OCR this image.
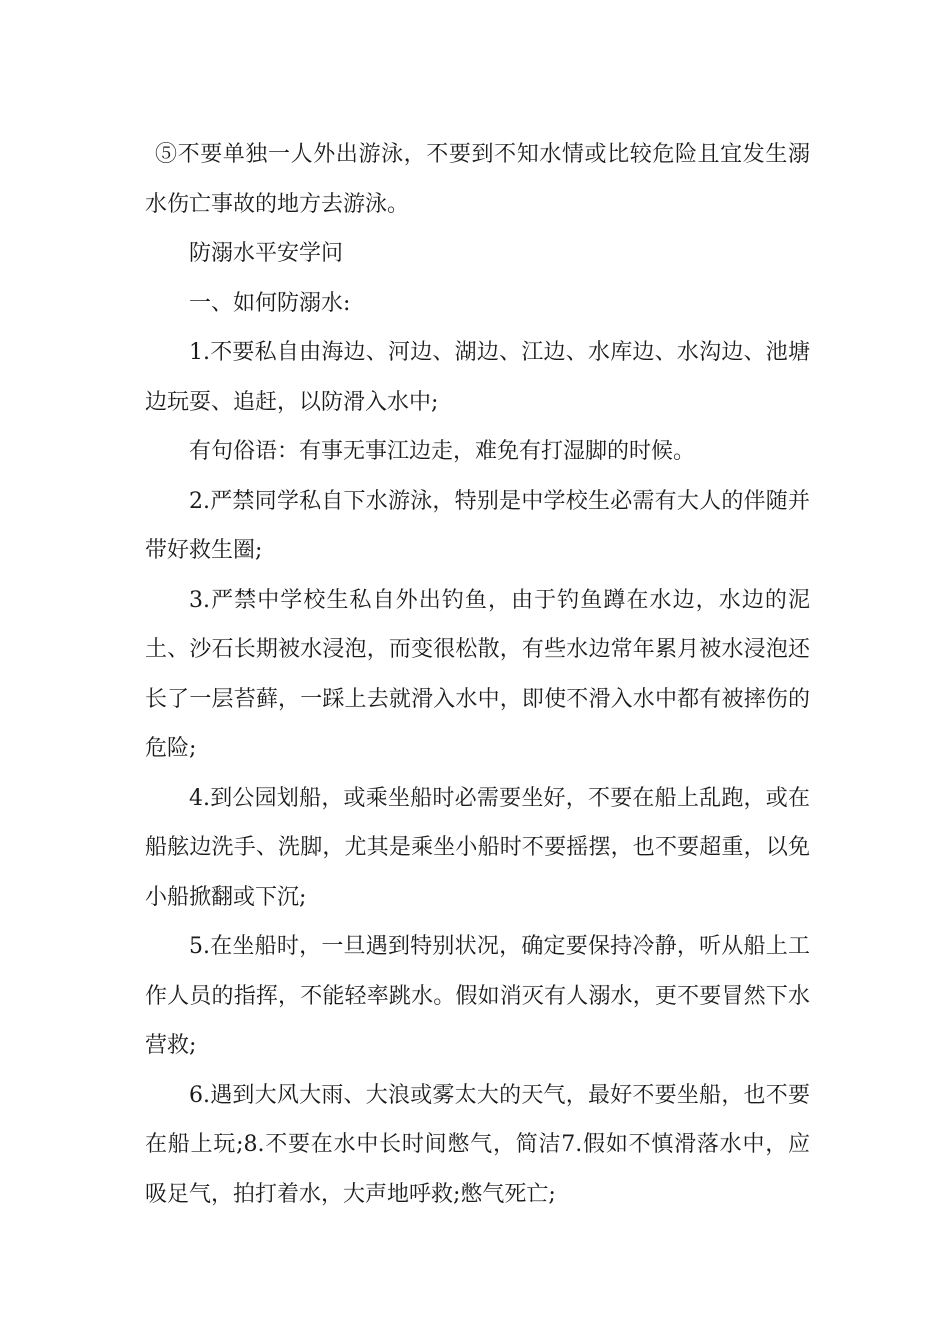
⑤不要单独一人外出游泳，不要到不知水情或比较危险且宜发生溺水伤亡事故的地方去游泳。

防溺水平安学问

一、如何防溺水:

1.不要私自由海边、河边、湖边、江边、水库边、水沟边、池塘边玩耍、追赶，以防滑入水中;

有句俗语：有事无事江边走，难免有打湿脚的时候。

2.严禁同学私自下水游泳，特别是中学校生必需有大人的伴随并带好救生圈;

3.严禁中学校生私自外出钓鱼，由于钓鱼蹲在水边，水边的泥土、沙石长期被水浸泡，而变很松散，有些水边常年累月被水浸泡还长了一层苔藓，一踩上去就滑入水中，即使不滑入水中都有被摔伤的危险;

4.到公园划船，或乘坐船时必需要坐好，不要在船上乱跑，或在船舷边洗手、洗脚，尤其是乘坐小船时不要摇摆，也不要超重，以免小船掀翻或下沉;

5.在坐船时，一旦遇到特别状况，确定要保持冷静，听从船上工作人员的指挥，不能轻率跳水。假如消灭有人溺水，更不要冒然下水营救;

6.遇到大风大雨、大浪或雾太大的天气，最好不要坐船，也不要在船上玩;8.不要在水中长时间憋气，简洁7.假如不慎滑落水中，应吸足气，拍打着水，大声地呼救;憋气死亡;
